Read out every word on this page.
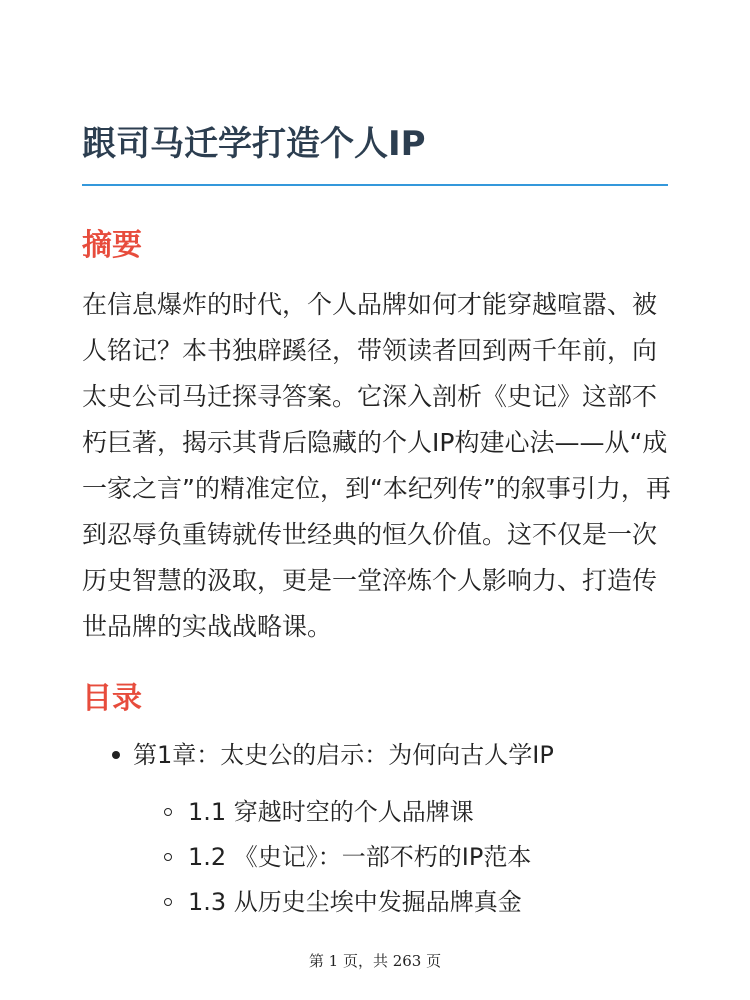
跟司马迁学打造个人IP
摘要

在信息爆炸的时代，个人品牌如何才能穿越喧嚣、被人铭记？本书独辟蹊径，带领读者回到两千年前，向太史公司马迁探寻答案。它深入剖析《史记》这部不朽巨著，揭示其背后隐藏的个人IP构建心法——从“成一家之言”的精准定位，到“本纪列传”的叙事引力，再到忍辱负重铸就传世经典的恒久价值。这不仅是一次历史智慧的汲取，更是一堂淬炼个人影响力、打造传世品牌的实战战略课。

目录
第1章：太史公的启示：为何向古人学IP
1.1 穿越时空的个人品牌课
1.2 《史记》：一部不朽的IP范本
1.3 从历史尘埃中发掘品牌真金
第 1 页，共 263 页
